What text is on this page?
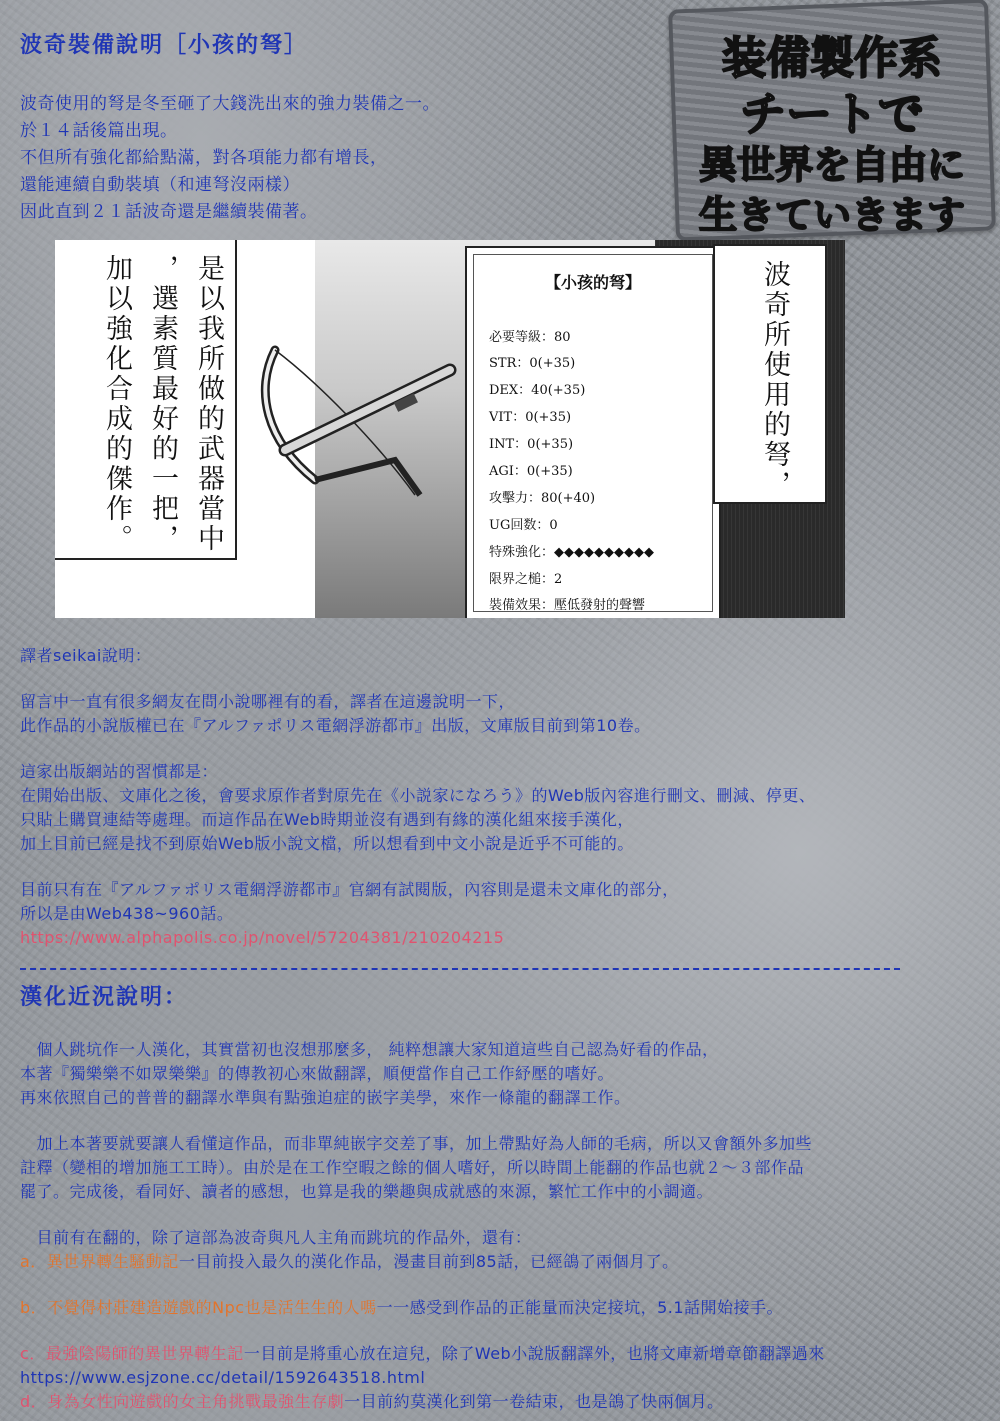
波奇裝備說明［小孩的弩］
波奇使用的弩是冬至砸了大錢洗出來的強力裝備之一。
於１４話後篇出現。
不但所有強化都給點滿，對各項能力都有增長，
還能連續自動裝填（和連弩沒兩樣）
因此直到２１話波奇還是繼續裝備著。
装備製作系
チートで
異世界を自由に
生きていきます
是以我所做的武器當中
，選素質最好的一把，
加以強化合成的傑作。	【小孩的弩】
必要等級：80
STR：0(+35)
DEX：40(+35)
VIT：0(+35)
INT：0(+35)
AGI：0(+35)
攻擊力：80(+40)
UG回数：0
特殊強化：◆◆◆◆◆◆◆◆◆◆
限界之槌：2
裝備效果：壓低發射的聲響
波奇所使用的弩，
譯者seikai說明：
留言中一直有很多網友在問小說哪裡有的看，譯者在這邊說明一下，
此作品的小說版權已在『アルファポリス電網浮游都市』出版，文庫版目前到第10卷。
這家出版網站的習慣都是：
在開始出版、文庫化之後，會要求原作者對原先在《小説家になろう》的Web版內容進行刪文、刪減、停更、
只貼上購買連結等處理。而這作品在Web時期並沒有遇到有緣的漢化組來接手漢化，
加上目前已經是找不到原始Web版小說文檔，所以想看到中文小說是近乎不可能的。
目前只有在『アルファポリス電網浮游都市』官網有試閱版，內容則是還未文庫化的部分，
所以是由Web438~960話。
https://www.alphapolis.co.jp/novel/57204381/210204215
漢化近況說明：
　個人跳坑作一人漢化，其實當初也沒想那麼多， 純粹想讓大家知道這些自己認為好看的作品，
本著『獨樂樂不如眾樂樂』的傳教初心來做翻譯，順便當作自己工作紓壓的嗜好。
再來依照自己的普普的翻譯水準與有點強迫症的嵌字美學，來作一條龍的翻譯工作。
　加上本著要就要讓人看懂這作品，而非單純嵌字交差了事，加上帶點好為人師的毛病，所以又會額外多加些
註釋（變相的增加施工工時）。由於是在工作空暇之餘的個人嗜好，所以時間上能翻的作品也就２～３部作品
罷了。完成後，看同好、讀者的感想，也算是我的樂趣與成就感的來源，繁忙工作中的小調適。
　目前有在翻的，除了這部為波奇與凡人主角而跳坑的作品外，還有：
a．異世界轉生騷動記一目前投入最久的漢化作品，漫畫目前到85話，已經鴿了兩個月了。
b．不覺得村莊建造遊戲的Npc也是活生生的人嗎一一感受到作品的正能量而決定接坑，5.1話開始接手。
c．最強陰陽師的異世界轉生記一目前是將重心放在這兒，除了Web小說版翻譯外，也將文庫新增章節翻譯過來
https://www.esjzone.cc/detail/1592643518.html
d．身為女性向遊戲的女主角挑戰最強生存劇一目前約莫漢化到第一卷結束，也是鴿了快兩個月。
